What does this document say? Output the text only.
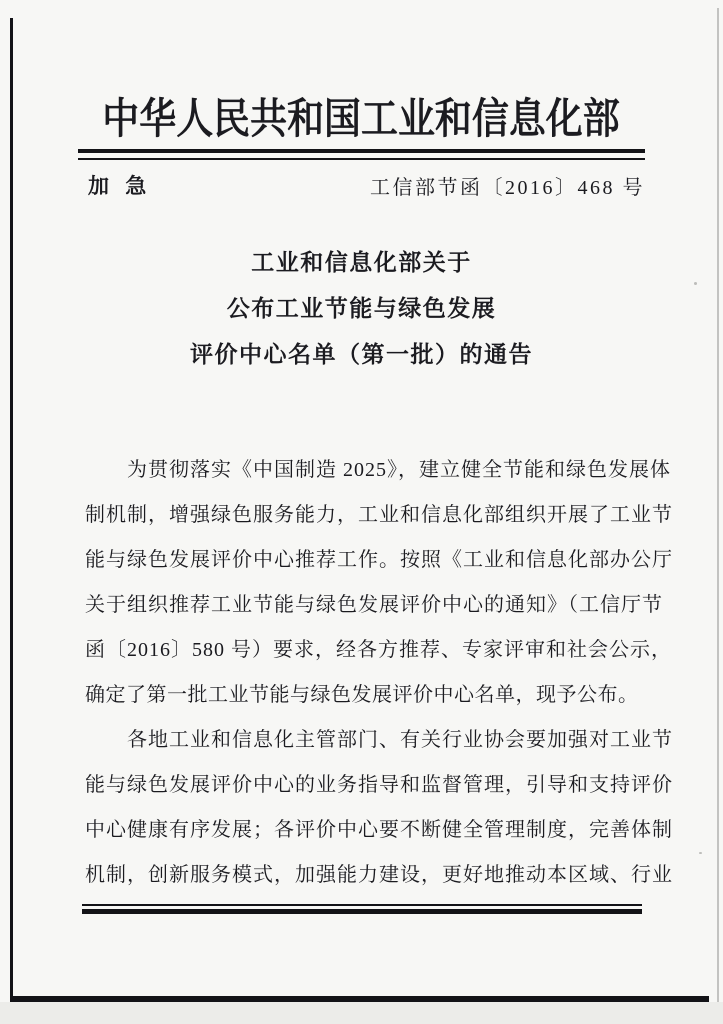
中华人民共和国工业和信息化部
加 急	工信部节函〔2016〕468 号
工业和信息化部关于
公布工业节能与绿色发展
评价中心名单（第一批）的通告
为贯彻落实《中国制造 2025》，建立健全节能和绿色发展体
制机制，增强绿色服务能力，工业和信息化部组织开展了工业节
能与绿色发展评价中心推荐工作。按照《工业和信息化部办公厅
关于组织推荐工业节能与绿色发展评价中心的通知》（工信厅节
函〔2016〕580 号）要求，经各方推荐、专家评审和社会公示，
确定了第一批工业节能与绿色发展评价中心名单，现予公布。
各地工业和信息化主管部门、有关行业协会要加强对工业节
能与绿色发展评价中心的业务指导和监督管理，引导和支持评价
中心健康有序发展；各评价中心要不断健全管理制度，完善体制
机制，创新服务模式，加强能力建设，更好地推动本区域、行业
